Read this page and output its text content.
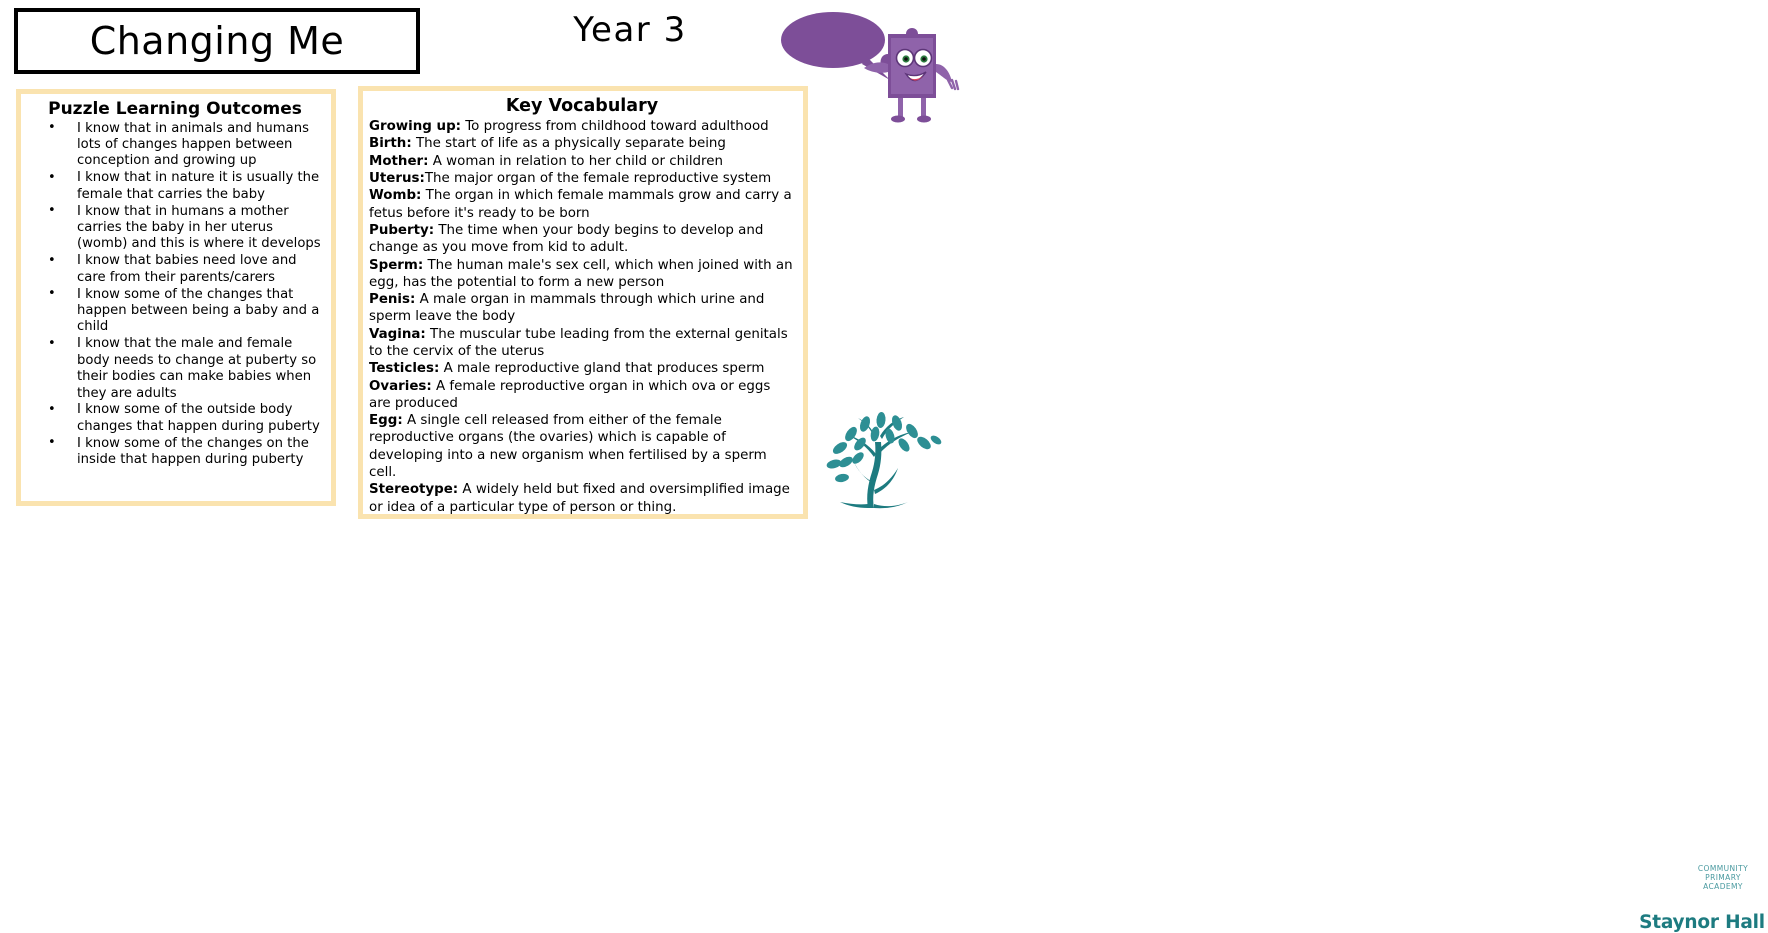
Changing Me	Year 3	Hello
I'm Jigsaw Jino
Puzzle Learning Outcomes
• I know that in animals and humans lots of changes happen between conception and growing up
• I know that in nature it is usually the female that carries the baby
• I know that in humans a mother carries the baby in her uterus (womb) and this is where it develops
• I know that babies need love and care from their parents/carers
• I know some of the changes that happen between being a baby and a child
• I know that the male and female body needs to change at puberty so their bodies can make babies when they are adults
• I know some of the outside body changes that happen during puberty
• I know some of the changes on the inside that happen during puberty
Key Vocabulary
Growing up: To progress from childhood toward adulthood
Birth: The start of life as a physically separate being
Mother: A woman in relation to her child or children
Uterus:The major organ of the female reproductive system
Womb: The organ in which female mammals grow and carry a fetus before it's ready to be born
Puberty: The time when your body begins to develop and change as you move from kid to adult.
Sperm: The human male's sex cell, which when joined with an egg, has the potential to form a new person
Penis: A male organ in mammals through which urine and sperm leave the body
Vagina: The muscular tube leading from the external genitals to the cervix of the uterus
Testicles: A male reproductive gland that produces sperm
Ovaries: A female reproductive organ in which ova or eggs are produced
Egg: A single cell released from either of the female reproductive organs (the ovaries) which is capable of developing into a new organism when fertilised by a sperm cell.
Stereotype: A widely held but fixed and oversimplified image or idea of a particular type of person or thing.
COMMUNITY PRIMARY ACADEMY
Staynor Hall
